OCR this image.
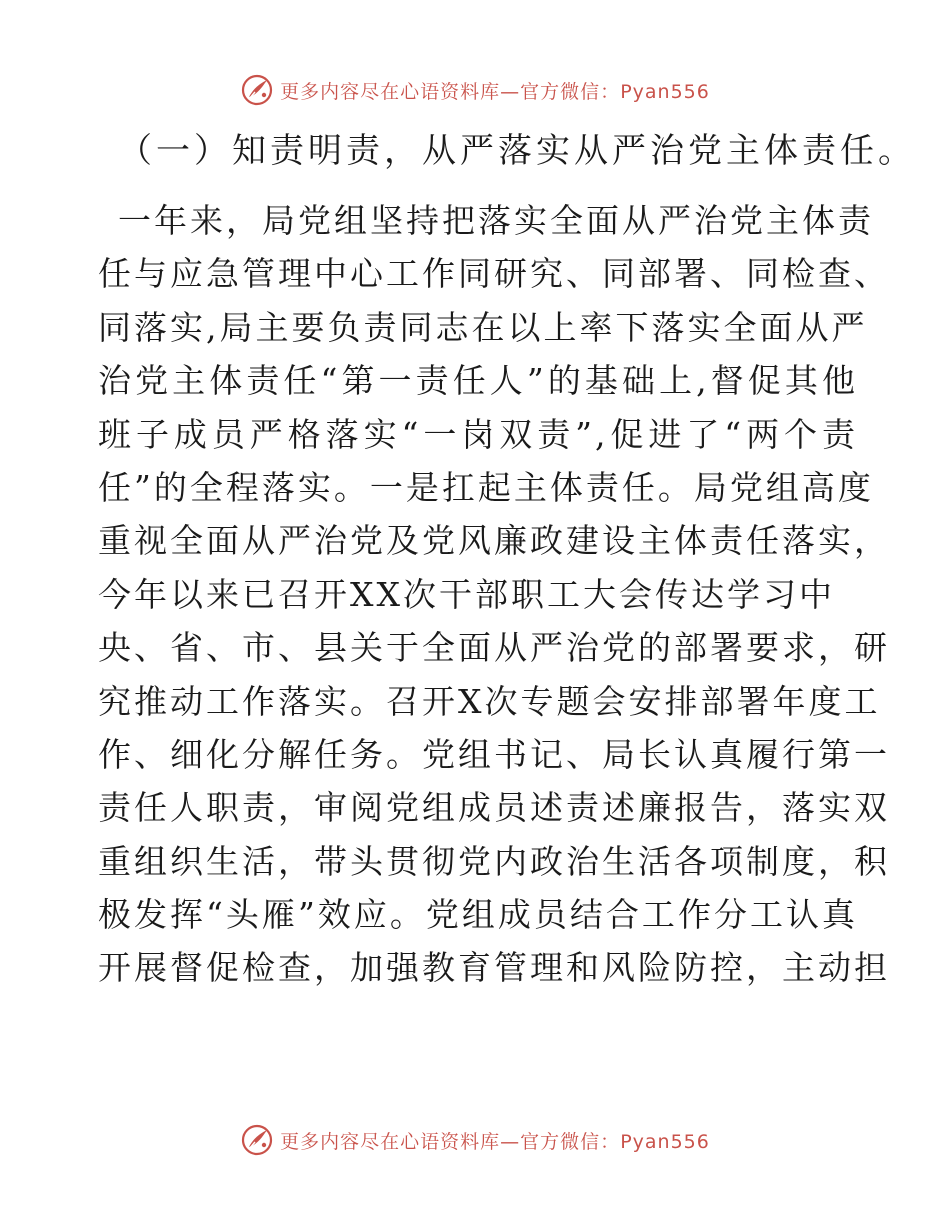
更多内容尽在心语资料库—官方微信：Pyan556
（一）知责明责，从严落实从严治党主体责任。
一年来，局党组坚持把落实全面从严治党主体责
任与应急管理中心工作同研究、同部署、同检查、
同落实,局主要负责同志在以上率下落实全面从严
治党主体责任“第一责任人”的基础上,督促其他
班子成员严格落实“一岗双责”,促进了“两个责
任”的全程落实。一是扛起主体责任。局党组高度
重视全面从严治党及党风廉政建设主体责任落实，
今年以来已召开XX次干部职工大会传达学习中
央、省、市、县关于全面从严治党的部署要求，研
究推动工作落实。召开X次专题会安排部署年度工
作、细化分解任务。党组书记、局长认真履行第一
责任人职责，审阅党组成员述责述廉报告，落实双
重组织生活，带头贯彻党内政治生活各项制度，积
极发挥“头雁”效应。党组成员结合工作分工认真
开展督促检查，加强教育管理和风险防控，主动担
更多内容尽在心语资料库—官方微信：Pyan556
